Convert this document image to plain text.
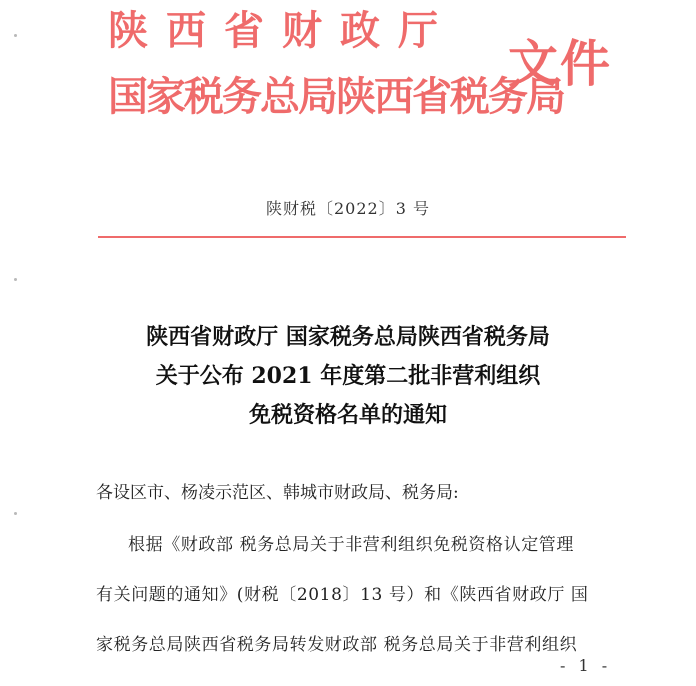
陕西省财政厅
国家税务总局陕西省税务局
文件
陕财税〔2022〕3 号
陕西省财政厅 国家税务总局陕西省税务局
关于公布 2021 年度第二批非营利组织
免税资格名单的通知
各设区市、杨凌示范区、韩城市财政局、税务局:
根据《财政部 税务总局关于非营利组织免税资格认定管理
有关问题的通知》(财税〔2018〕13 号）和《陕西省财政厅 国
家税务总局陕西省税务局转发财政部 税务总局关于非营利组织
- 1 -
